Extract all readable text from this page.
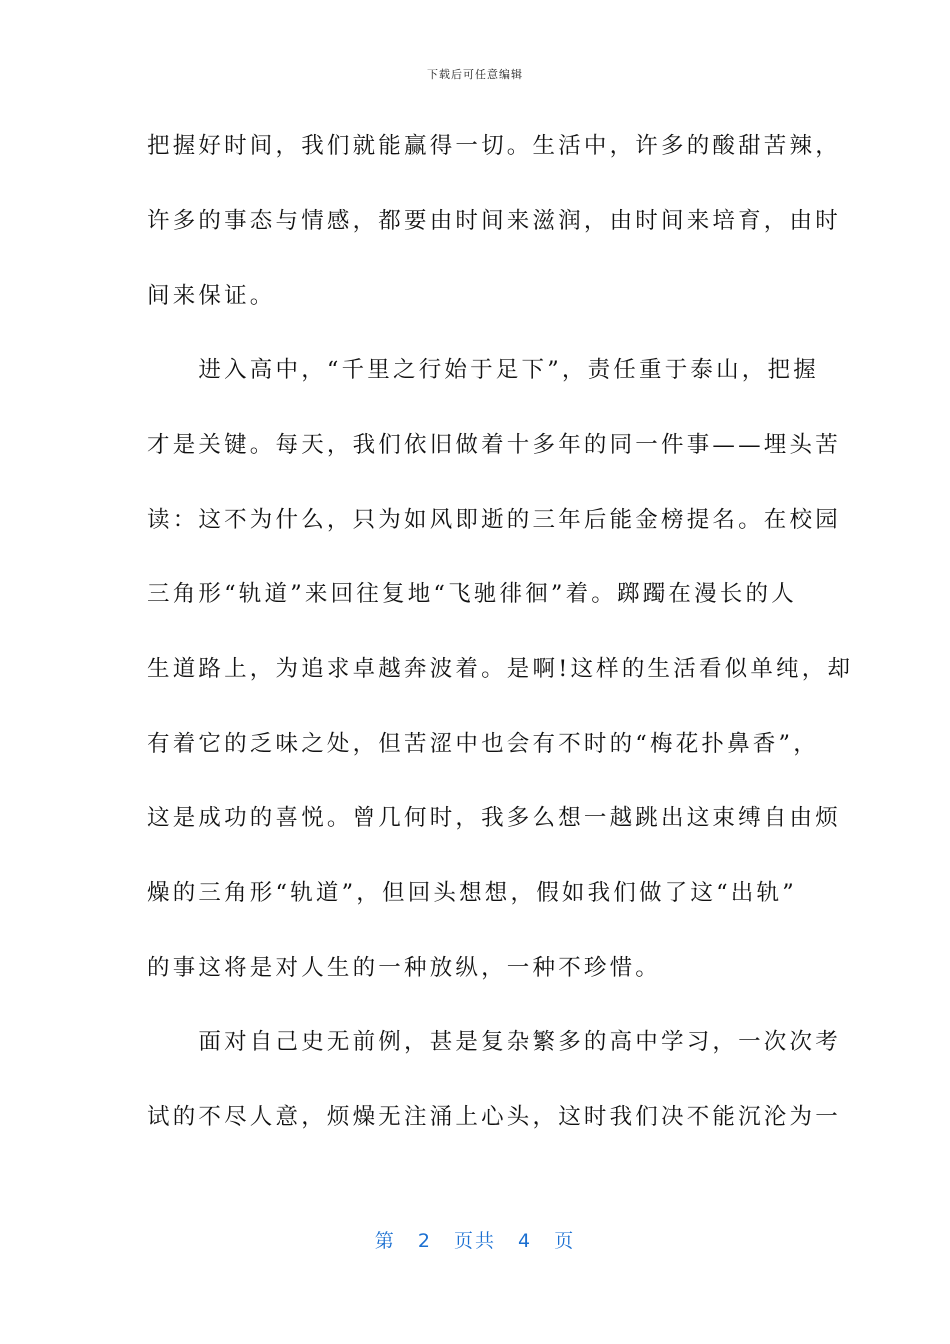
下载后可任意编辑
把握好时间，我们就能赢得一切。生活中，许多的酸甜苦辣，
许多的事态与情感，都要由时间来滋润，由时间来培育，由时
间来保证。
　　进入高中，“千里之行始于足下”，责任重于泰山，把握
才是关键。每天，我们依旧做着十多年的同一件事——埋头苦
读：这不为什么，只为如风即逝的三年后能金榜提名。在校园
三角形“轨道”来回往复地“飞驰徘徊”着。踯躅在漫长的人
生道路上，为追求卓越奔波着。是啊!这样的生活看似单纯，却
有着它的乏味之处，但苦涩中也会有不时的“梅花扑鼻香”，
这是成功的喜悦。曾几何时，我多么想一越跳出这束缚自由烦
燥的三角形“轨道”，但回头想想，假如我们做了这“出轨”
的事这将是对人生的一种放纵，一种不珍惜。
　　面对自己史无前例，甚是复杂繁多的高中学习，一次次考
试的不尽人意，烦燥无注涌上心头，这时我们决不能沉沦为一
第 2 页共 4 页
